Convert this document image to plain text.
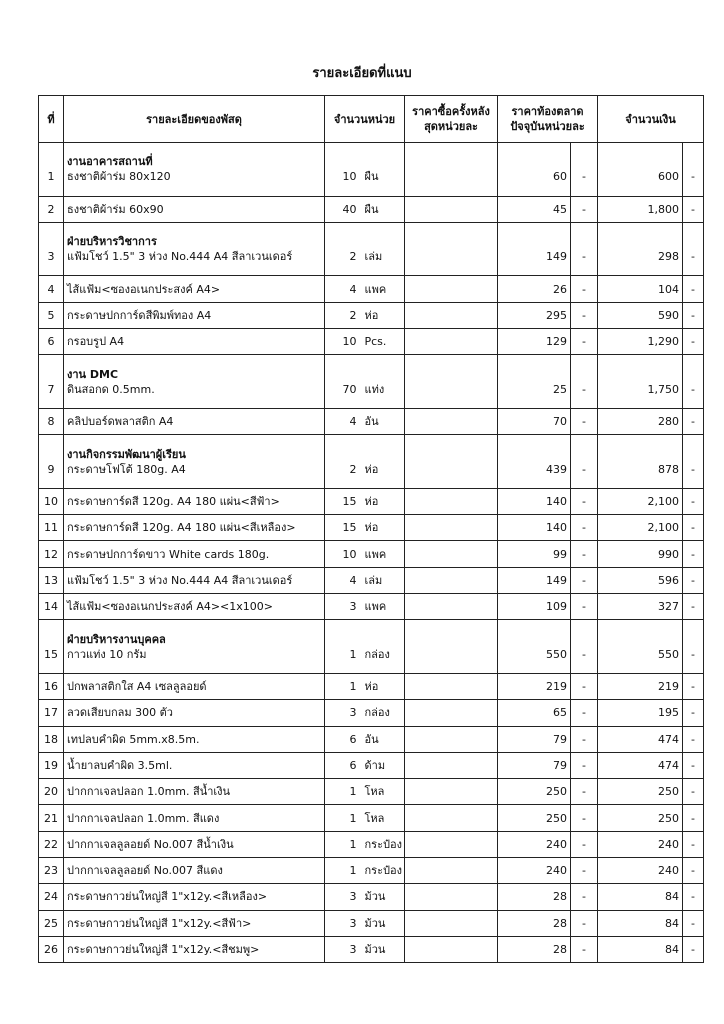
รายละเอียดที่แนบ
ที่	รายละเอียดของพัสดุ	จำนวนหน่วย		ราคาซื้อครั้งหลังสุดหน่วยละ	ราคาท้องตลาดปัจจุบันหน่วยละ		จำนวนเงิน	
	งานอาคารสถานที่							
1	ธงชาติผ้าร่ม 80x120	10	ผืน		60	-	600	-
2	ธงชาติผ้าร่ม 60x90	40	ผืน		45	-	1,800	-
	ฝ่ายบริหารวิชาการ							
3	แฟ้มโชว์ 1.5" 3 ห่วง No.444 A4 สีลาเวนเดอร์	2	เล่ม		149	-	298	-
4	ไส้แฟ้ม<ซองอเนกประสงค์ A4>	4	แพค		26	-	104	-
5	กระดาษปกการ์ดสีพิมพ์ทอง A4	2	ห่อ		295	-	590	-
6	กรอบรูป A4	10	Pcs.		129	-	1,290	-
	งาน DMC							
7	ดินสอกด 0.5mm.	70	แท่ง		25	-	1,750	-
8	คลิปบอร์ดพลาสติก A4	4	อัน		70	-	280	-
	งานกิจกรรมพัฒนาผู้เรียน							
9	กระดาษโฟโต้ 180g. A4	2	ห่อ		439	-	878	-
10	กระดาษการ์ดสี 120g. A4 180 แผ่น<สีฟ้า>	15	ห่อ		140	-	2,100	-
11	กระดาษการ์ดสี 120g. A4 180 แผ่น<สีเหลือง>	15	ห่อ		140	-	2,100	-
12	กระดาษปกการ์ดขาว White cards 180g.	10	แพค		99	-	990	-
13	แฟ้มโชว์ 1.5" 3 ห่วง No.444 A4 สีลาเวนเดอร์	4	เล่ม		149	-	596	-
14	ไส้แฟ้ม<ซองอเนกประสงค์ A4><1x100>	3	แพค		109	-	327	-
	ฝ่ายบริหารงานบุคคล							
15	กาวแท่ง 10 กรัม	1	กล่อง		550	-	550	-
16	ปกพลาสติกใส A4 เซลลูลอยด์	1	ห่อ		219	-	219	-
17	ลวดเสียบกลม 300 ตัว	3	กล่อง		65	-	195	-
18	เทปลบคำผิด 5mm.x8.5m.	6	อัน		79	-	474	-
19	น้ำยาลบคำผิด 3.5ml.	6	ด้าม		79	-	474	-
20	ปากกาเจลปลอก 1.0mm. สีน้ำเงิน	1	โหล		250	-	250	-
21	ปากกาเจลปลอก 1.0mm. สีแดง	1	โหล		250	-	250	-
22	ปากกาเจลลูลอยด์ No.007 สีน้ำเงิน	1	กระป๋อง		240	-	240	-
23	ปากกาเจลลูลอยด์ No.007 สีแดง	1	กระป๋อง		240	-	240	-
24	กระดาษกาวย่นใหญ่สี 1"x12y.<สีเหลือง>	3	ม้วน		28	-	84	-
25	กระดาษกาวย่นใหญ่สี 1"x12y.<สีฟ้า>	3	ม้วน		28	-	84	-
26	กระดาษกาวย่นใหญ่สี 1"x12y.<สีชมพู>	3	ม้วน		28	-	84	-
